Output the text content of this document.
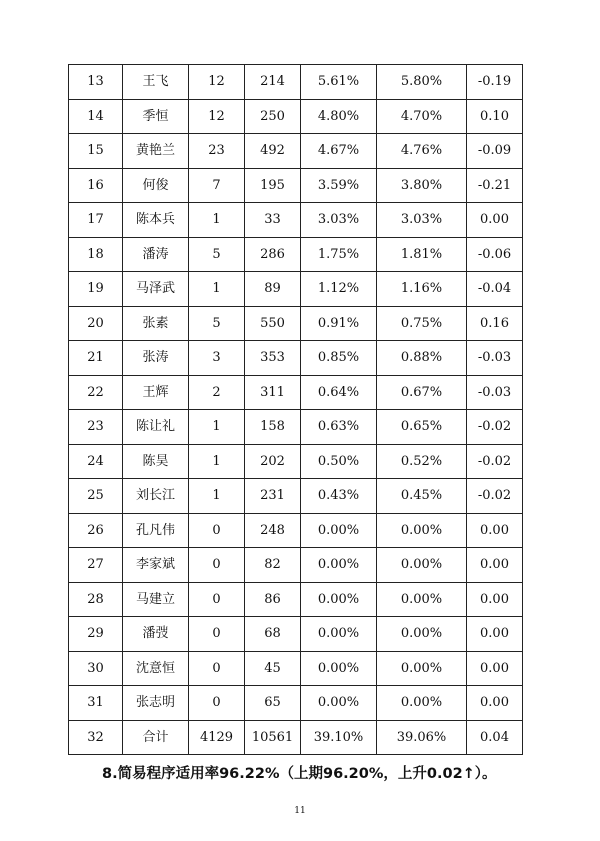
13	王飞	12	214	5.61%	5.80%	-0.19
14	季恒	12	250	4.80%	4.70%	0.10
15	黄艳兰	23	492	4.67%	4.76%	-0.09
16	何俊	7	195	3.59%	3.80%	-0.21
17	陈本兵	1	33	3.03%	3.03%	0.00
18	潘涛	5	286	1.75%	1.81%	-0.06
19	马泽武	1	89	1.12%	1.16%	-0.04
20	张素	5	550	0.91%	0.75%	0.16
21	张涛	3	353	0.85%	0.88%	-0.03
22	王辉	2	311	0.64%	0.67%	-0.03
23	陈让礼	1	158	0.63%	0.65%	-0.02
24	陈昊	1	202	0.50%	0.52%	-0.02
25	刘长江	1	231	0.43%	0.45%	-0.02
26	孔凡伟	0	248	0.00%	0.00%	0.00
27	李家斌	0	82	0.00%	0.00%	0.00
28	马建立	0	86	0.00%	0.00%	0.00
29	潘弢	0	68	0.00%	0.00%	0.00
30	沈意恒	0	45	0.00%	0.00%	0.00
31	张志明	0	65	0.00%	0.00%	0.00
32	合计	4129	10561	39.10%	39.06%	0.04
8.简易程序适用率96.22%（上期96.20%，上升0.02↑）。
11
